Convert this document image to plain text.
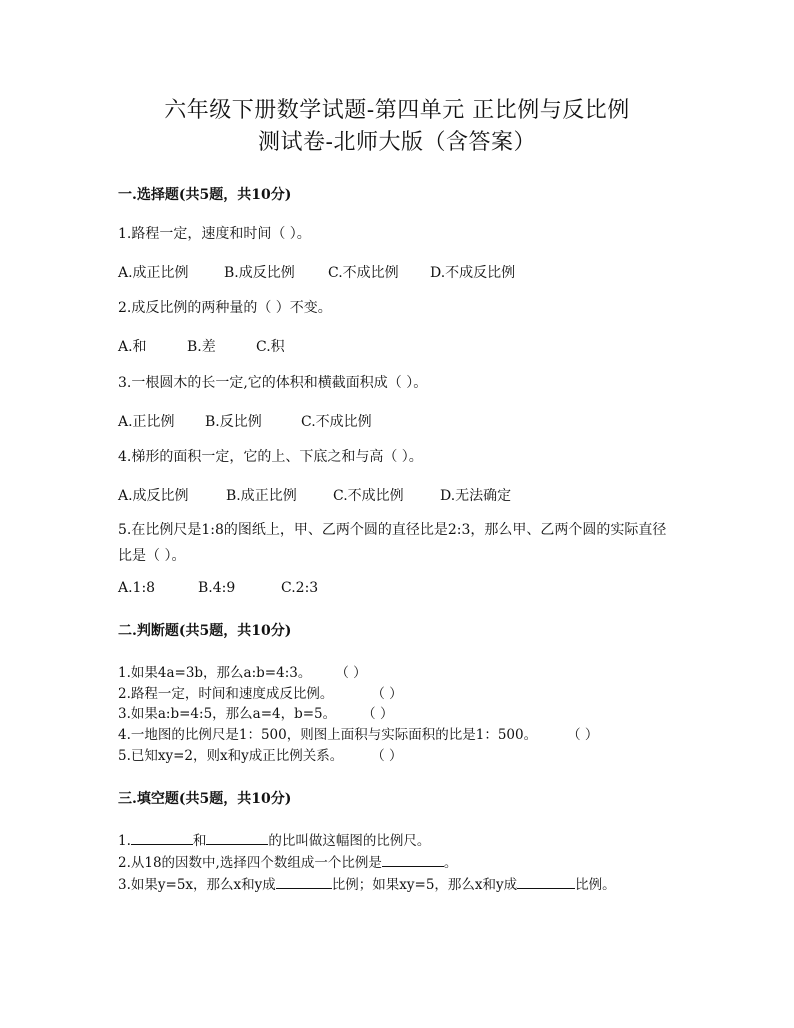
六年级下册数学试题-第四单元 正比例与反比例
测试卷-北师大版（含答案）
一.选择题(共5题，共10分)
1.路程一定，速度和时间（ ）。
A.成正比例	B.成反比例 C.不成比例 D.不成反比例
2.成反比例的两种量的（ ）不变。
A.和	B.差	C.积
3.一根圆木的长一定,它的体积和横截面积成（ ）。
A.正比例 B.反比例	C.不成比例
4.梯形的面积一定，它的上、下底之和与高（ ）。
A.成反比例	B.成正比例	C.不成比例	D.无法确定
5.在比例尺是1:8的图纸上，甲、乙两个圆的直径比是2:3，那么甲、乙两个圆的实际直径比是（ ）。
A.1:8	B.4:9	C.2:3
二.判断题(共5题，共10分)
1.如果4a=3b，那么a:b=4:3。 （ ）
2.路程一定，时间和速度成反比例。	（ ）
3.如果a:b=4:5，那么a=4，b=5。 （ ）
4.一地图的比例尺是1：500，则图上面积与实际面积的比是1：500。 （ ）
5.已知xy=2，则x和y成正比例关系。 （ ）
三.填空题(共5题，共10分)
1.	和	的比叫做这幅图的比例尺。
2.从18的因数中,选择四个数组成一个比例是	。
3.如果y=5x，那么x和y成	比例；如果xy=5，那么x和y成	比例。
